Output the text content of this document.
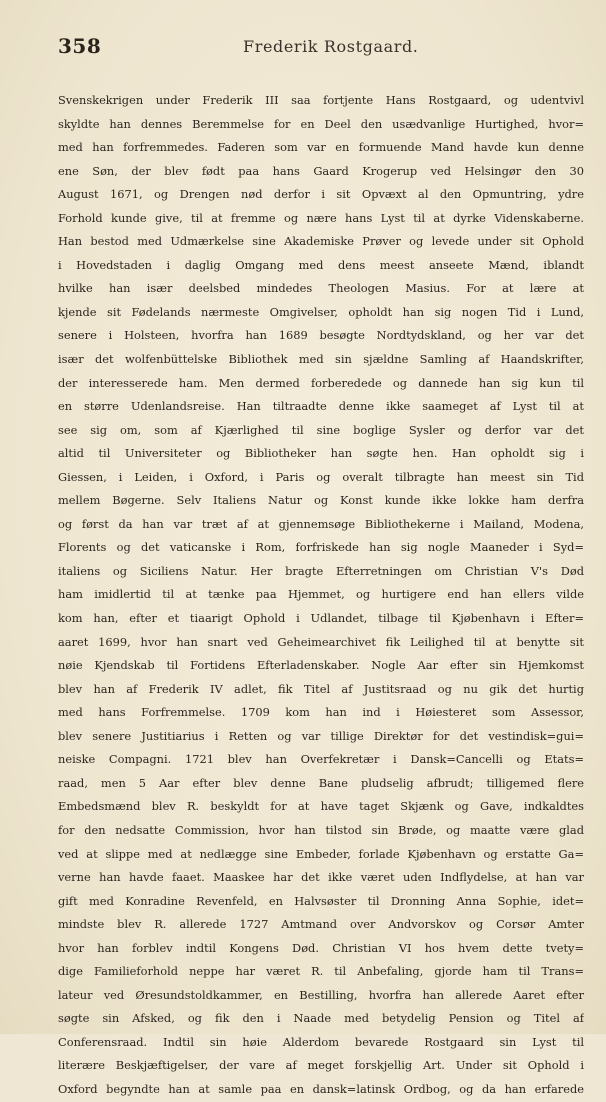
358	Frederik Rostgaard.
Svenskekrigen under Frederik III saa fortjente Hans Rostgaard, og udentvivl
skyldte han dennes Beremmelse for en Deel den usædvanlige Hurtighed, hvor=
med han forfremmedes. Faderen som var en formuende Mand havde kun denne
ene Søn, der blev født paa hans Gaard Krogerup ved Helsingør den 30
August 1671, og Drengen nød derfor i sit Opvæxt al den Opmuntring, ydre
Forhold kunde give, til at fremme og nære hans Lyst til at dyrke Videnskaberne.
Han bestod med Udmærkelse sine Akademiske Prøver og levede under sit Ophold
i Hovedstaden i daglig Omgang med dens meest anseete Mænd, iblandt
hvilke han især deelsbed mindedes Theologen Masius. For at lære at
kjende sit Fødelands nærmeste Omgivelser, opholdt han sig nogen Tid i Lund,
senere i Holsteen, hvorfra han 1689 besøgte Nordtydskland, og her var det
især det wolfenbüttelske Bibliothek med sin sjældne Samling af Haandskrifter,
der interesserede ham. Men dermed forberedede og dannede han sig kun til
en større Udenlandsreise. Han tiltraadte denne ikke saameget af Lyst til at
see sig om, som af Kjærlighed til sine boglige Sysler og derfor var det
altid til Universiteter og Bibliotheker han søgte hen. Han opholdt sig i
Giessen, i Leiden, i Oxford, i Paris og overalt tilbragte han meest sin Tid
mellem Bøgerne. Selv Italiens Natur og Konst kunde ikke lokke ham derfra
og først da han var træt af at gjennemsøge Bibliothekerne i Mailand, Modena,
Florents og det vaticanske i Rom, forfriskede han sig nogle Maaneder i Syd=
italiens og Siciliens Natur. Her bragte Efterretningen om Christian V's Død
ham imidlertid til at tænke paa Hjemmet, og hurtigere end han ellers vilde
kom han, efter et tiaarigt Ophold i Udlandet, tilbage til Kjøbenhavn i Efter=
aaret 1699, hvor han snart ved Geheimearchivet fik Leilighed til at benytte sit
nøie Kjendskab til Fortidens Efterladenskaber. Nogle Aar efter sin Hjemkomst
blev han af Frederik IV adlet, fik Titel af Justitsraad og nu gik det hurtig
med hans Forfremmelse. 1709 kom han ind i Høiesteret som Assessor,
blev senere Justitiarius i Retten og var tillige Direktør for det vestindisk=gui=
neiske Compagni. 1721 blev han Overfekretær i Dansk=Cancelli og Etats=
raad, men 5 Aar efter blev denne Bane pludselig afbrudt; tilligemed flere
Embedsmænd blev R. beskyldt for at have taget Skjænk og Gave, indkaldtes
for den nedsatte Commission, hvor han tilstod sin Brøde, og maatte være glad
ved at slippe med at nedlægge sine Embeder, forlade Kjøbenhavn og erstatte Ga=
verne han havde faaet. Maaskee har det ikke været uden Indflydelse, at han var
gift med Konradine Revenfeld, en Halvsøster til Dronning Anna Sophie, idet=
mindste blev R. allerede 1727 Amtmand over Andvorskov og Corsør Amter
hvor han forblev indtil Kongens Død. Christian VI hos hvem dette tvety=
dige Familieforhold neppe har været R. til Anbefaling, gjorde ham til Trans=
lateur ved Øresundstoldkammer, en Bestilling, hvorfra han allerede Aaret efter
søgte sin Afsked, og fik den i Naade med betydelig Pension og Titel af
Conferensraad. Indtil sin høie Alderdom bevarede Rostgaard sin Lyst til
literære Beskjæftigelser, der vare af meget forskjellig Art. Under sit Ophold i
Oxford begyndte han at samle paa en dansk=latinsk Ordbog, og da han erfarede
